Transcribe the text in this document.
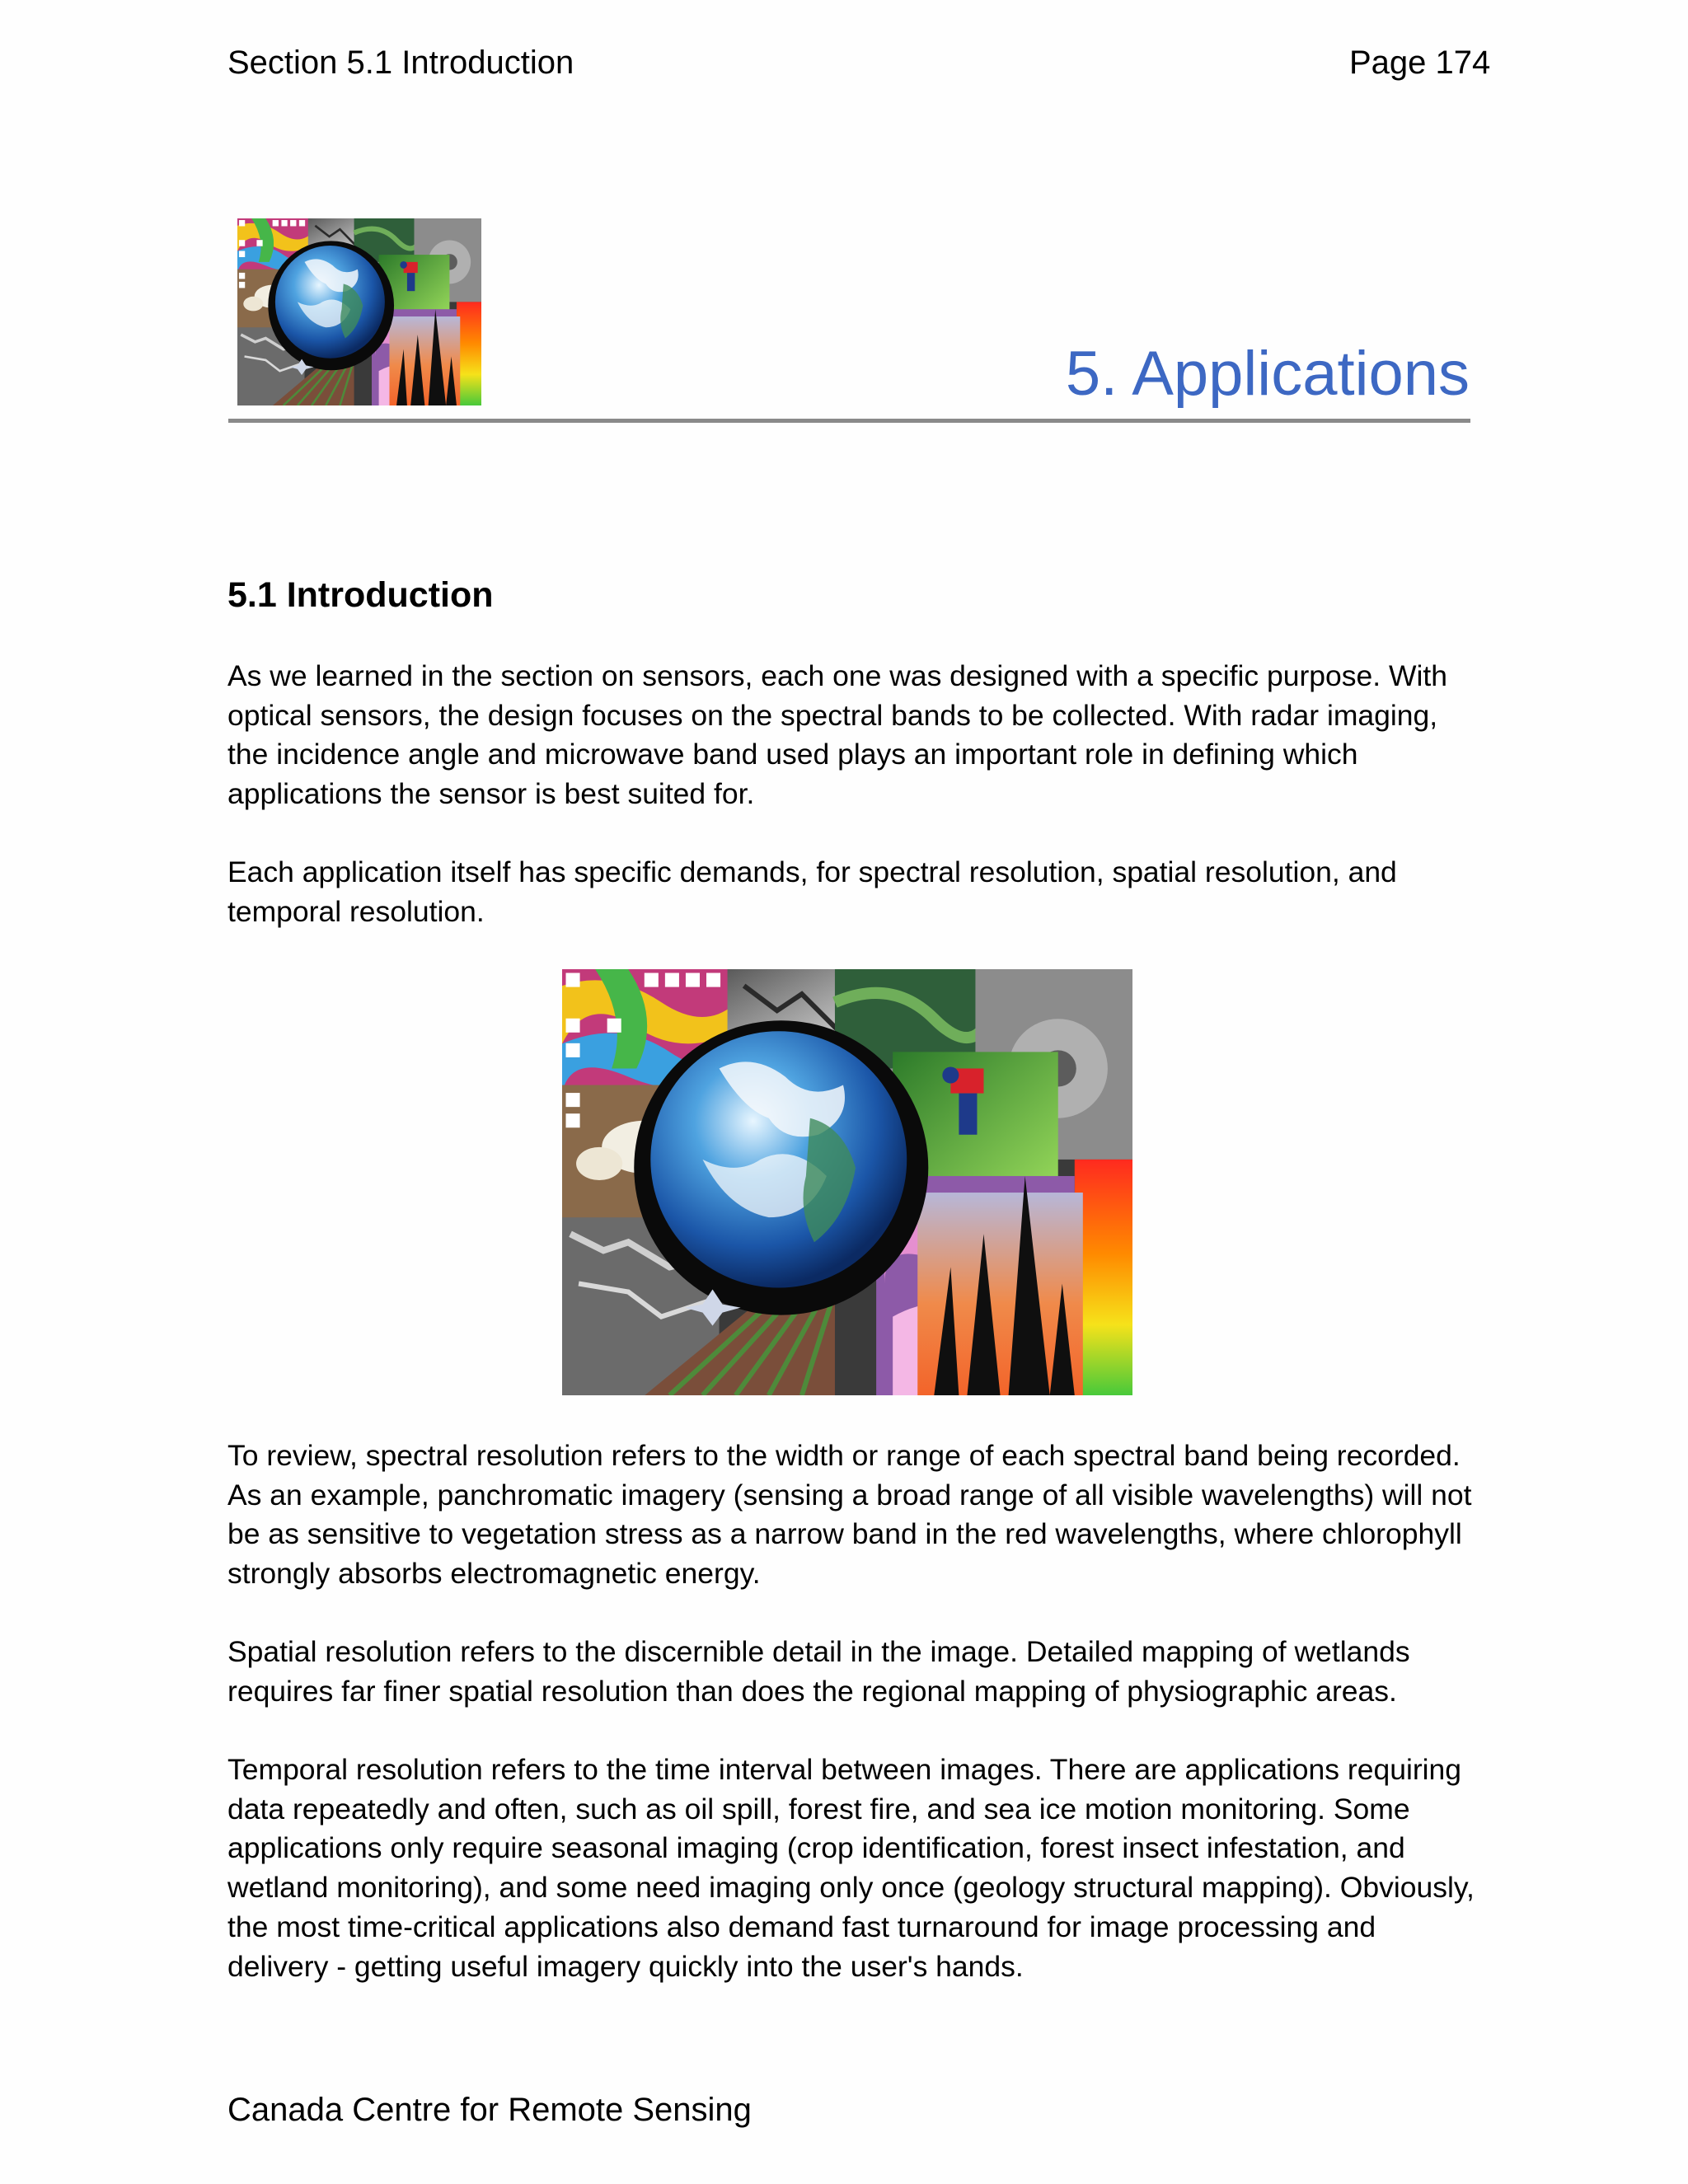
Section 5.1 Introduction	Page 174
5. Applications
5.1 Introduction

As we learned in the section on sensors, each one was designed with a specific purpose. With optical sensors, the design focuses on the spectral bands to be collected. With radar imaging, the incidence angle and microwave band used plays an important role in defining which applications the sensor is best suited for.

Each application itself has specific demands, for spectral resolution, spatial resolution, and temporal resolution.

To review, spectral resolution refers to the width or range of each spectral band being recorded. As an example, panchromatic imagery (sensing a broad range of all visible wavelengths) will not be as sensitive to vegetation stress as a narrow band in the red wavelengths, where chlorophyll strongly absorbs electromagnetic energy.

Spatial resolution refers to the discernible detail in the image. Detailed mapping of wetlands requires far finer spatial resolution than does the regional mapping of physiographic areas.

Temporal resolution refers to the time interval between images. There are applications requiring data repeatedly and often, such as oil spill, forest fire, and sea ice motion monitoring. Some applications only require seasonal imaging (crop identification, forest insect infestation, and wetland monitoring), and some need imaging only once (geology structural mapping). Obviously, the most time-critical applications also demand fast turnaround for image processing and delivery - getting useful imagery quickly into the user's hands.

Canada Centre for Remote Sensing
